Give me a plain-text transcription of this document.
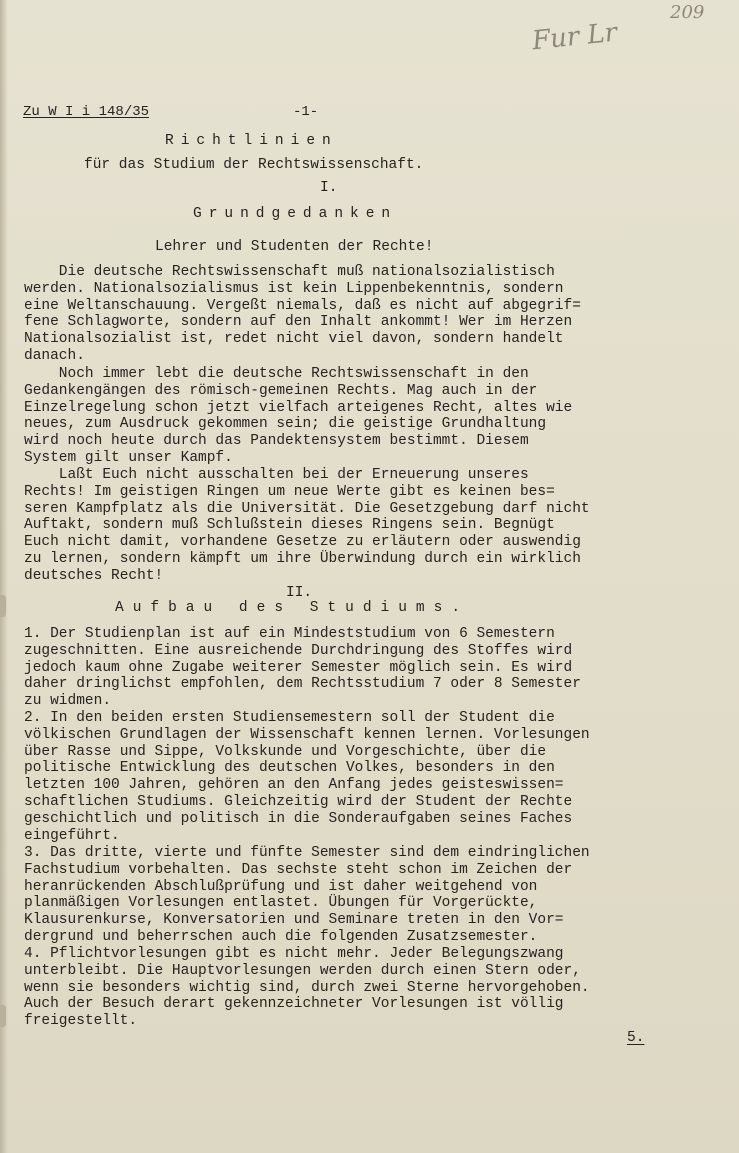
209
Fur Lr
Zu W I i 148/35	-1-
Richtlinien
für das Studium der Rechtswissenschaft.
I.
Grundgedanken
Lehrer und Studenten der Rechte!
Die deutsche Rechtswissenschaft muß nationalsozialistisch
werden. Nationalsozialismus ist kein Lippenbekenntnis, sondern
eine Weltanschauung. Vergeßt niemals, daß es nicht auf abgegrif=
fene Schlagworte, sondern auf den Inhalt ankommt! Wer im Herzen
Nationalsozialist ist, redet nicht viel davon, sondern handelt
danach.
Noch immer lebt die deutsche Rechtswissenschaft in den
Gedankengängen des römisch-gemeinen Rechts. Mag auch in der
Einzelregelung schon jetzt vielfach arteigenes Recht, altes wie
neues, zum Ausdruck gekommen sein; die geistige Grundhaltung
wird noch heute durch das Pandektensystem bestimmt. Diesem
System gilt unser Kampf.
Laßt Euch nicht ausschalten bei der Erneuerung unseres
Rechts! Im geistigen Ringen um neue Werte gibt es keinen bes=
seren Kampfplatz als die Universität. Die Gesetzgebung darf nicht
Auftakt, sondern muß Schlußstein dieses Ringens sein. Begnügt
Euch nicht damit, vorhandene Gesetze zu erläutern oder auswendig
zu lernen, sondern kämpft um ihre Überwindung durch ein wirklich
deutsches Recht!
II.
Aufbau des Studiums.
1. Der Studienplan ist auf ein Mindeststudium von 6 Semestern
zugeschnitten. Eine ausreichende Durchdringung des Stoffes wird
jedoch kaum ohne Zugabe weiterer Semester möglich sein. Es wird
daher dringlichst empfohlen, dem Rechtsstudium 7 oder 8 Semester
zu widmen.
2. In den beiden ersten Studiensemestern soll der Student die
völkischen Grundlagen der Wissenschaft kennen lernen. Vorlesungen
über Rasse und Sippe, Volkskunde und Vorgeschichte, über die
politische Entwicklung des deutschen Volkes, besonders in den
letzten 100 Jahren, gehören an den Anfang jedes geisteswissen=
schaftlichen Studiums. Gleichzeitig wird der Student der Rechte
geschichtlich und politisch in die Sonderaufgaben seines Faches
eingeführt.
3. Das dritte, vierte und fünfte Semester sind dem eindringlichen
Fachstudium vorbehalten. Das sechste steht schon im Zeichen der
heranrückenden Abschlußprüfung und ist daher weitgehend von
planmäßigen Vorlesungen entlastet. Übungen für Vorgerückte,
Klausurenkurse, Konversatorien und Seminare treten in den Vor=
dergrund und beherrschen auch die folgenden Zusatzsemester.
4. Pflichtvorlesungen gibt es nicht mehr. Jeder Belegungszwang
unterbleibt. Die Hauptvorlesungen werden durch einen Stern oder,
wenn sie besonders wichtig sind, durch zwei Sterne hervorgehoben.
Auch der Besuch derart gekennzeichneter Vorlesungen ist völlig
freigestellt.
5.
